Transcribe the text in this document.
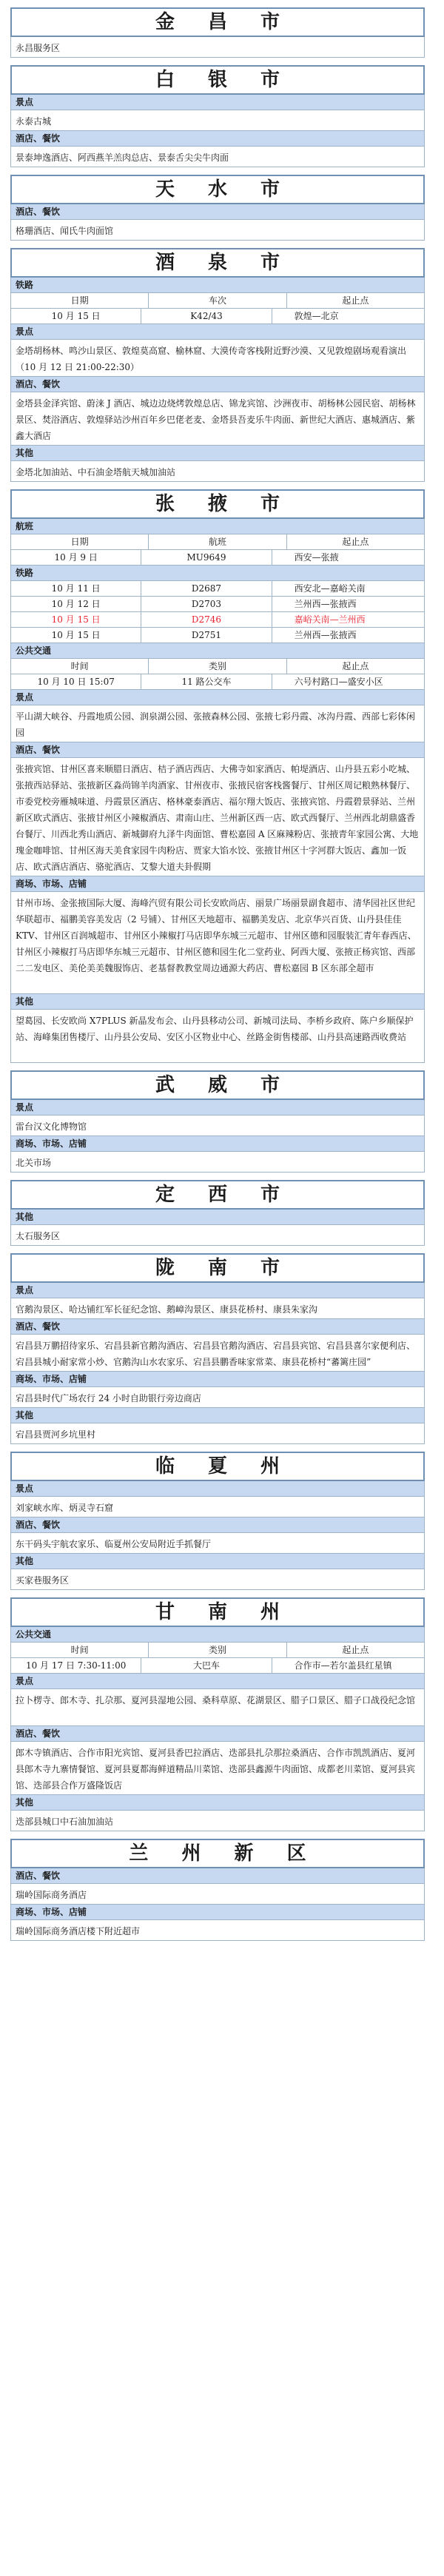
金 昌 市
永昌服务区
白 银 市
景点
永泰古城
酒店、餐饮
景泰坤逸酒店、阿西燕羊羔肉总店、景泰舌尖尖牛肉面
天 水 市
酒店、餐饮
格珊酒店、闻氏牛肉面馆
酒 泉 市
铁路
日期	车次	起止点
10 月 15 日	K42/43	敦煌—北京
景点
金塔胡杨林、鸣沙山景区、敦煌莫高窟、榆林窟、大漠传奇客栈附近野沙漠、又见敦煌剧场观看演出（10 月 12 日 21:00-22:30）
酒店、餐饮
金塔县金泽宾馆、蔚涞 J 酒店、城边边烧烤敦煌总店、锦龙宾馆、沙洲夜市、胡杨林公园民宿、胡杨林景区、焚浴酒店、敦煌驿站沙州百年乡巴佬老麦、金塔县吾麦乐牛肉面、新世纪大酒店、惠城酒店、紫鑫大酒店
其他
金塔北加油站、中石油金塔航天城加油站
张 掖 市
航班
日期	航班	起止点
10 月 9 日	MU9649	西安—张掖
铁路
10 月 11 日	D2687	西安北—嘉峪关南
10 月 12 日	D2703	兰州西—张掖西
10 月 15 日	D2746	嘉峪关南—兰州西
10 月 15 日	D2751	兰州西—张掖西
公共交通
时间	类别	起止点
10 月 10 日 15:07	11 路公交车	六号村路口—盛安小区
景点
平山湖大峡谷、丹霞地质公园、润泉湖公园、张掖森林公园、张掖七彩丹霞、冰沟丹霞、西部七彩体闲园
酒店、餐饮
张掖宾馆、甘州区喜来顺腊日酒店、桔子酒店西店、大佛寺如家酒店、帕堤酒店、山丹县五彩小吃城、张掖西站驿站、张掖新区淼尚锦羊肉酒家、甘州夜市、张掖民宿客栈酱餐厅、甘州区周记粮熟林餐厅、市委党校旁雁城味道、丹霞景区酒店、格林豪泰酒店、福尔翔大饭店、张掖宾馆、丹霞碧景驿站、兰州新区欧式酒店、张掖甘州区小辣椒酒店、肃南山庄、兰州新区西一店、欧式西餐厅、兰州西北胡鼎盛香台餐厅、川西北秀山酒店、新城御府九泽牛肉面馆、曹松嘉园 A 区麻辣粉店、张掖青年家园公寓、大地瑰金咖啡馆、甘州区海天美食家园牛肉粉店、贾家大馅水饺、张掖甘州区十字河群大饭店、鑫加一饭店、欧式酒店酒店、骆驼酒店、艾黎大道夫卦假期
商场、市场、店铺
甘州市场、金张掖国际大厦、海峰汽贸有限公司长安欧尚店、丽景广场丽景副食超市、清华园社区世纪华联超市、福鹏美容美发店（2 号铺）、甘州区天地超市、福鹏美发店、北京华兴百货、山丹县佳佳 KTV、甘州区百润城超市、甘州区小辣椒打马店即华东城三元超市、甘州区德和园服装汇青年春西店、甘州区小辣椒打马店即华东城三元超市、甘州区德和园生化二堂药业、阿西大厦、张掖正杨宾馆、西部二二发电区、美伦美美魏服饰店、老基督教教堂周边通源大药店、曹松嘉园 B 区东部全超市
其他
望葛园、长安欧尚 X7PLUS 新晶发布会、山丹县移动公司、新城司法局、李桥乡政府、陈户乡顺保护站、海峰集团售楼厅、山丹县公安局、安区小区物业中心、丝路金街售楼部、山丹县高速路西收费站
武 威 市
景点
雷台汉文化博物馆
商场、市场、店铺
北关市场
定 西 市
其他
太石服务区
陇 南 市
景点
官鹅沟景区、哈达铺红军长征纪念馆、鹅嶂沟景区、康县花桥村、康县朱家沟
酒店、餐饮
宕昌县万鹏招待家乐、宕昌县新官鹅沟酒店、宕昌县官鹅沟酒店、宕昌县宾馆、宕昌县喜尔家便利店、宕昌县城小耐家常小炒、官鹅沟山水农家乐、宕昌县鹏香味家常菜、康县花桥村“蕃篱庄园”
商场、市场、店铺
宕昌县时代广场农行 24 小时自助银行旁边商店
其他
宕昌县贾河乡坑里村
临 夏 州
景点
刘家峡水库、炳灵寺石窟
酒店、餐饮
东干码头宇航农家乐、临夏州公安局附近手抓餐厅
其他
买家巷服务区
甘 南 州
公共交通
时间	类别	起止点
10 月 17 日 7:30-11:00	大巴车	合作市—若尔盖县红星镇
景点
拉卜楞寺、郎木寺、扎尕那、夏河县湿地公园、桑科草原、花湖景区、腊子口景区、腊子口战役纪念馆
酒店、餐饮
郎木寺镇酒店、合作市阳光宾馆、夏河县香巴拉酒店、迭部县扎尕那拉桑酒店、合作市凯凯酒店、夏河县郎木寺九寨情餐馆、夏河县夏都海鲜道精品川菜馆、迭部县鑫源牛肉面馆、成都老川菜馆、夏河县宾馆、迭部县合作万盛隆饭店
其他
迭部县城口中石油加油站
兰 州 新 区
酒店、餐饮
瑞岭国际商务酒店
商场、市场、店铺
瑞岭国际商务酒店楼下附近超市
